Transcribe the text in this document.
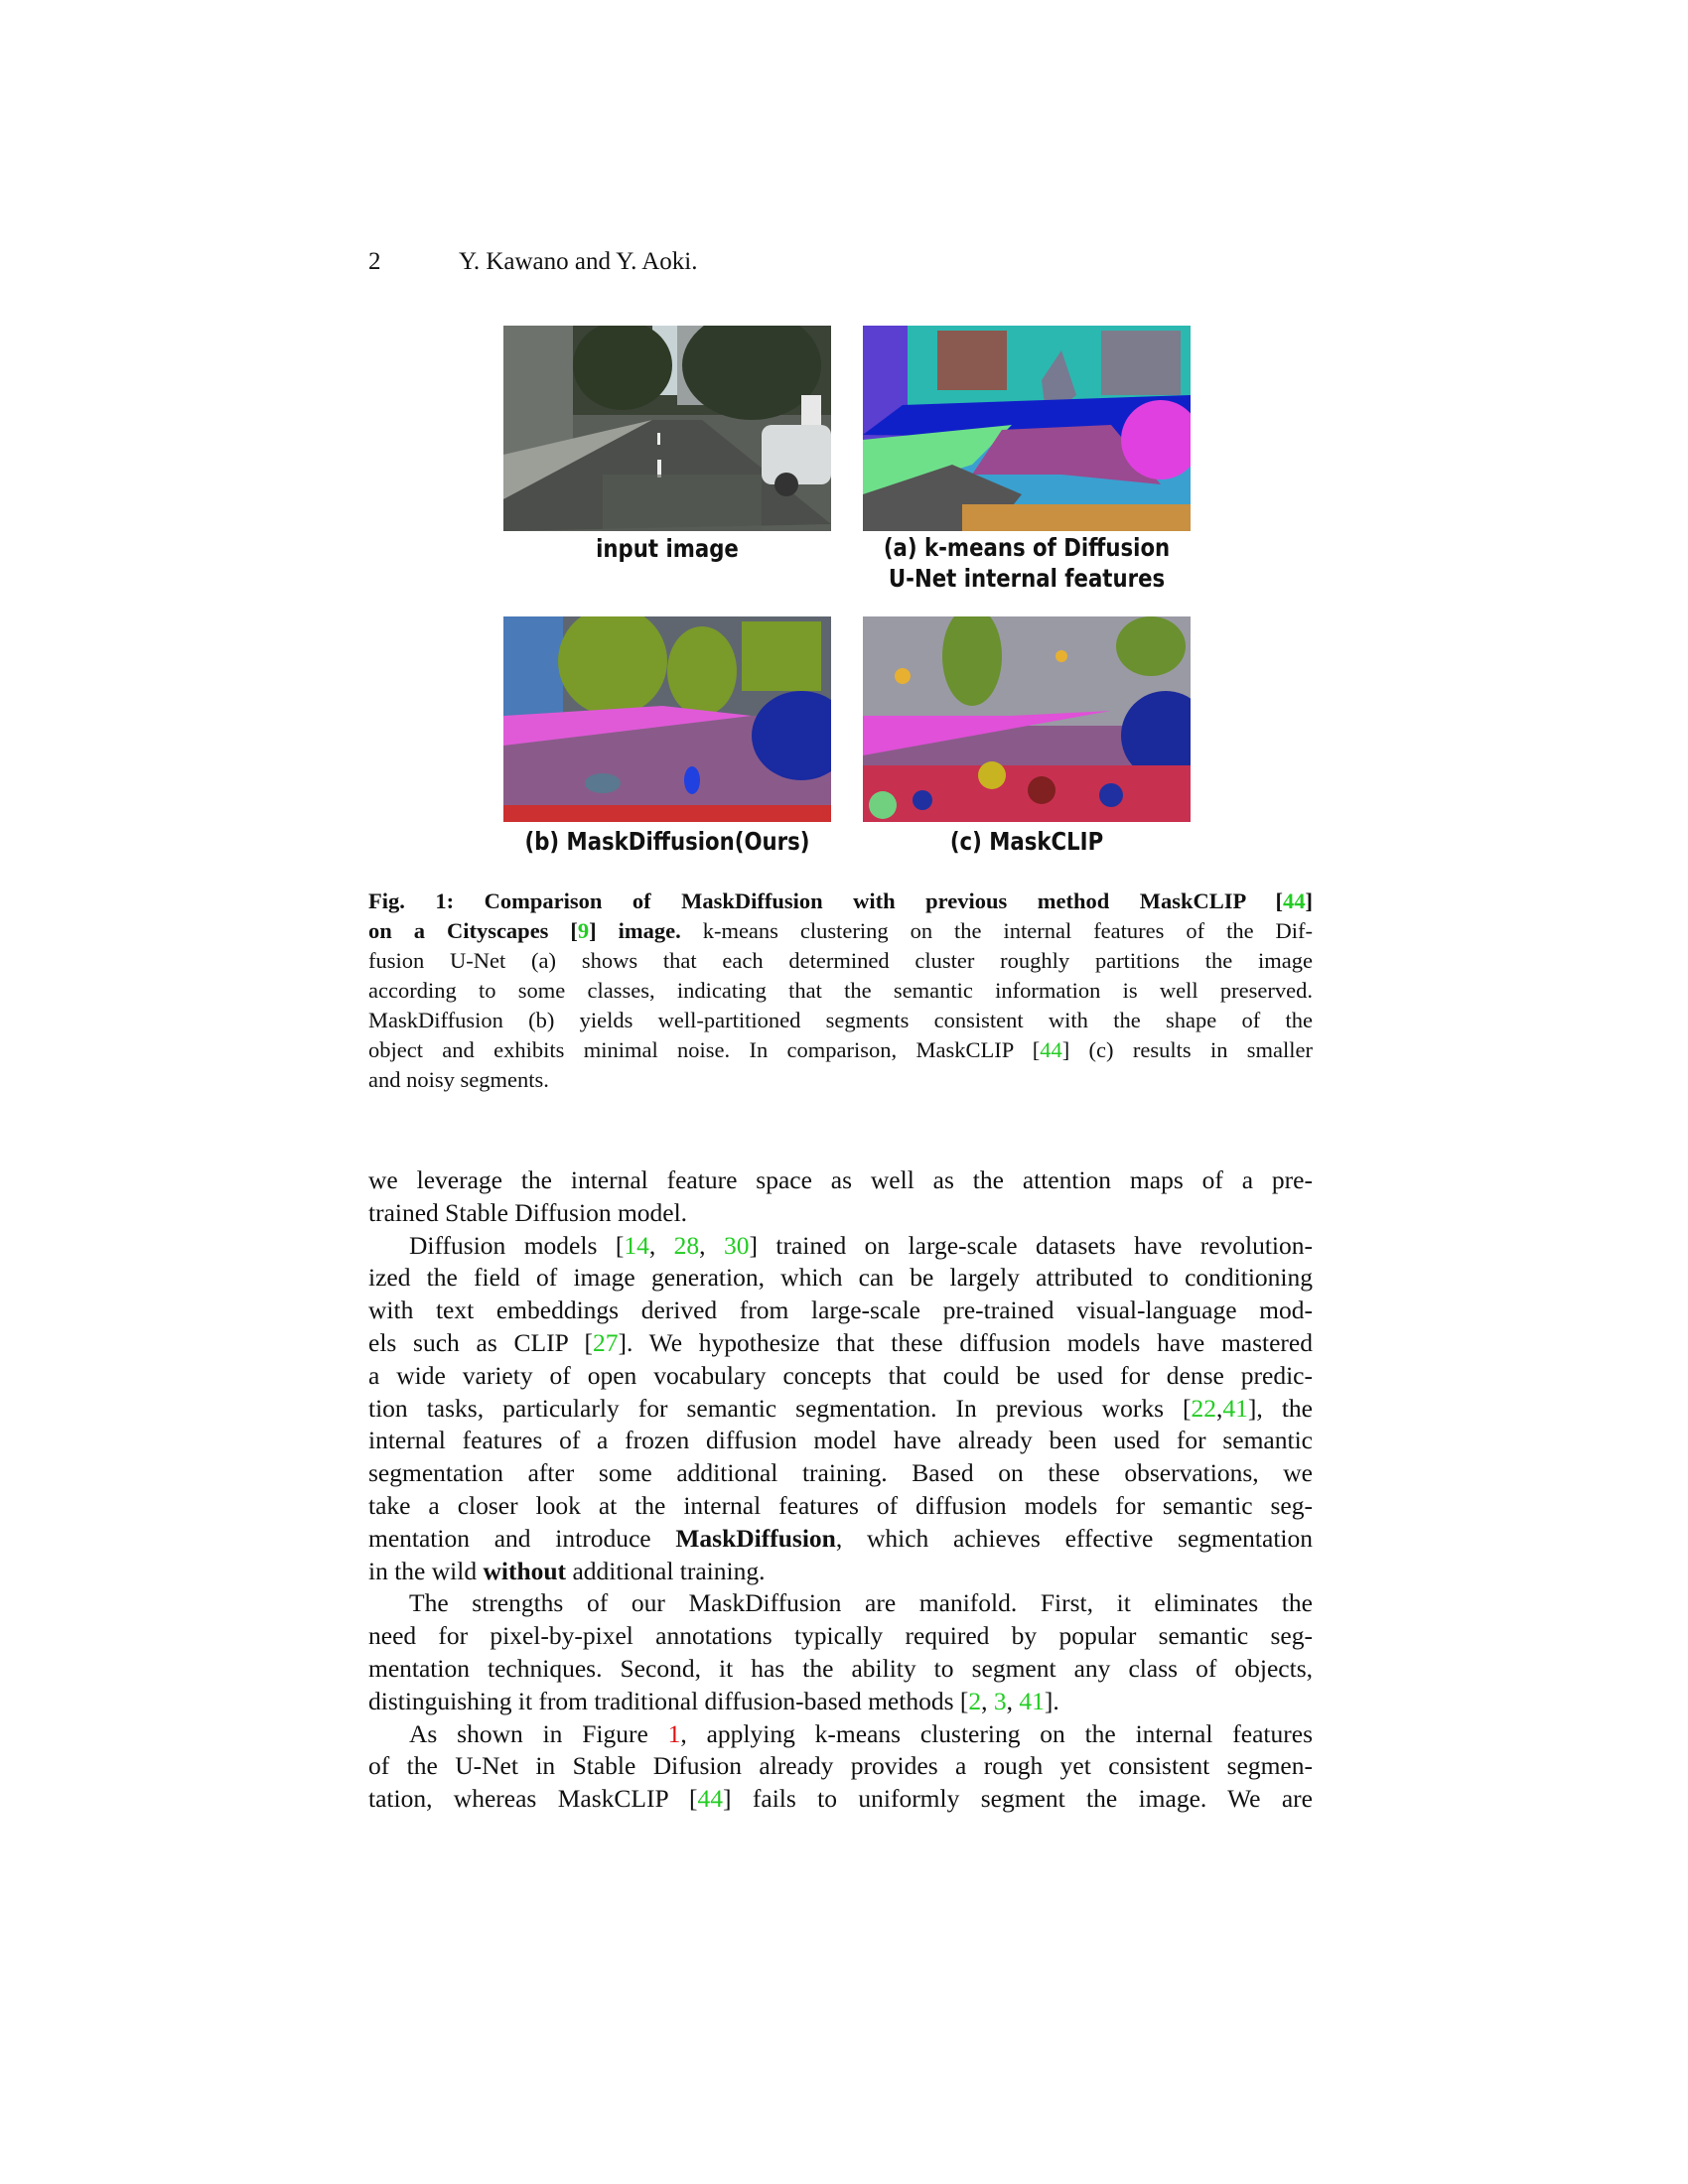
2	Y. Kawano and Y. Aoki.
input image	(a) k-means of Diffusion
U-Net internal features
(b) MaskDiffusion(Ours)	(c) MaskCLIP
Fig. 1: Comparison of MaskDiffusion with previous method MaskCLIP [44]
on a Cityscapes [9] image. k-means clustering on the internal features of the Dif-
fusion U-Net (a) shows that each determined cluster roughly partitions the image
according to some classes, indicating that the semantic information is well preserved.
MaskDiffusion (b) yields well-partitioned segments consistent with the shape of the
object and exhibits minimal noise. In comparison, MaskCLIP [44] (c) results in smaller
and noisy segments.
we leverage the internal feature space as well as the attention maps of a pre-
trained Stable Diffusion model.
Diffusion models [14, 28, 30] trained on large-scale datasets have revolution-
ized the field of image generation, which can be largely attributed to conditioning
with text embeddings derived from large-scale pre-trained visual-language mod-
els such as CLIP [27]. We hypothesize that these diffusion models have mastered
a wide variety of open vocabulary concepts that could be used for dense predic-
tion tasks, particularly for semantic segmentation. In previous works [22,41], the
internal features of a frozen diffusion model have already been used for semantic
segmentation after some additional training. Based on these observations, we
take a closer look at the internal features of diffusion models for semantic seg-
mentation and introduce MaskDiffusion, which achieves effective segmentation
in the wild without additional training.
The strengths of our MaskDiffusion are manifold. First, it eliminates the
need for pixel-by-pixel annotations typically required by popular semantic seg-
mentation techniques. Second, it has the ability to segment any class of objects,
distinguishing it from traditional diffusion-based methods [2, 3, 41].
As shown in Figure 1, applying k-means clustering on the internal features
of the U-Net in Stable Difusion already provides a rough yet consistent segmen-
tation, whereas MaskCLIP [44] fails to uniformly segment the image. We are
